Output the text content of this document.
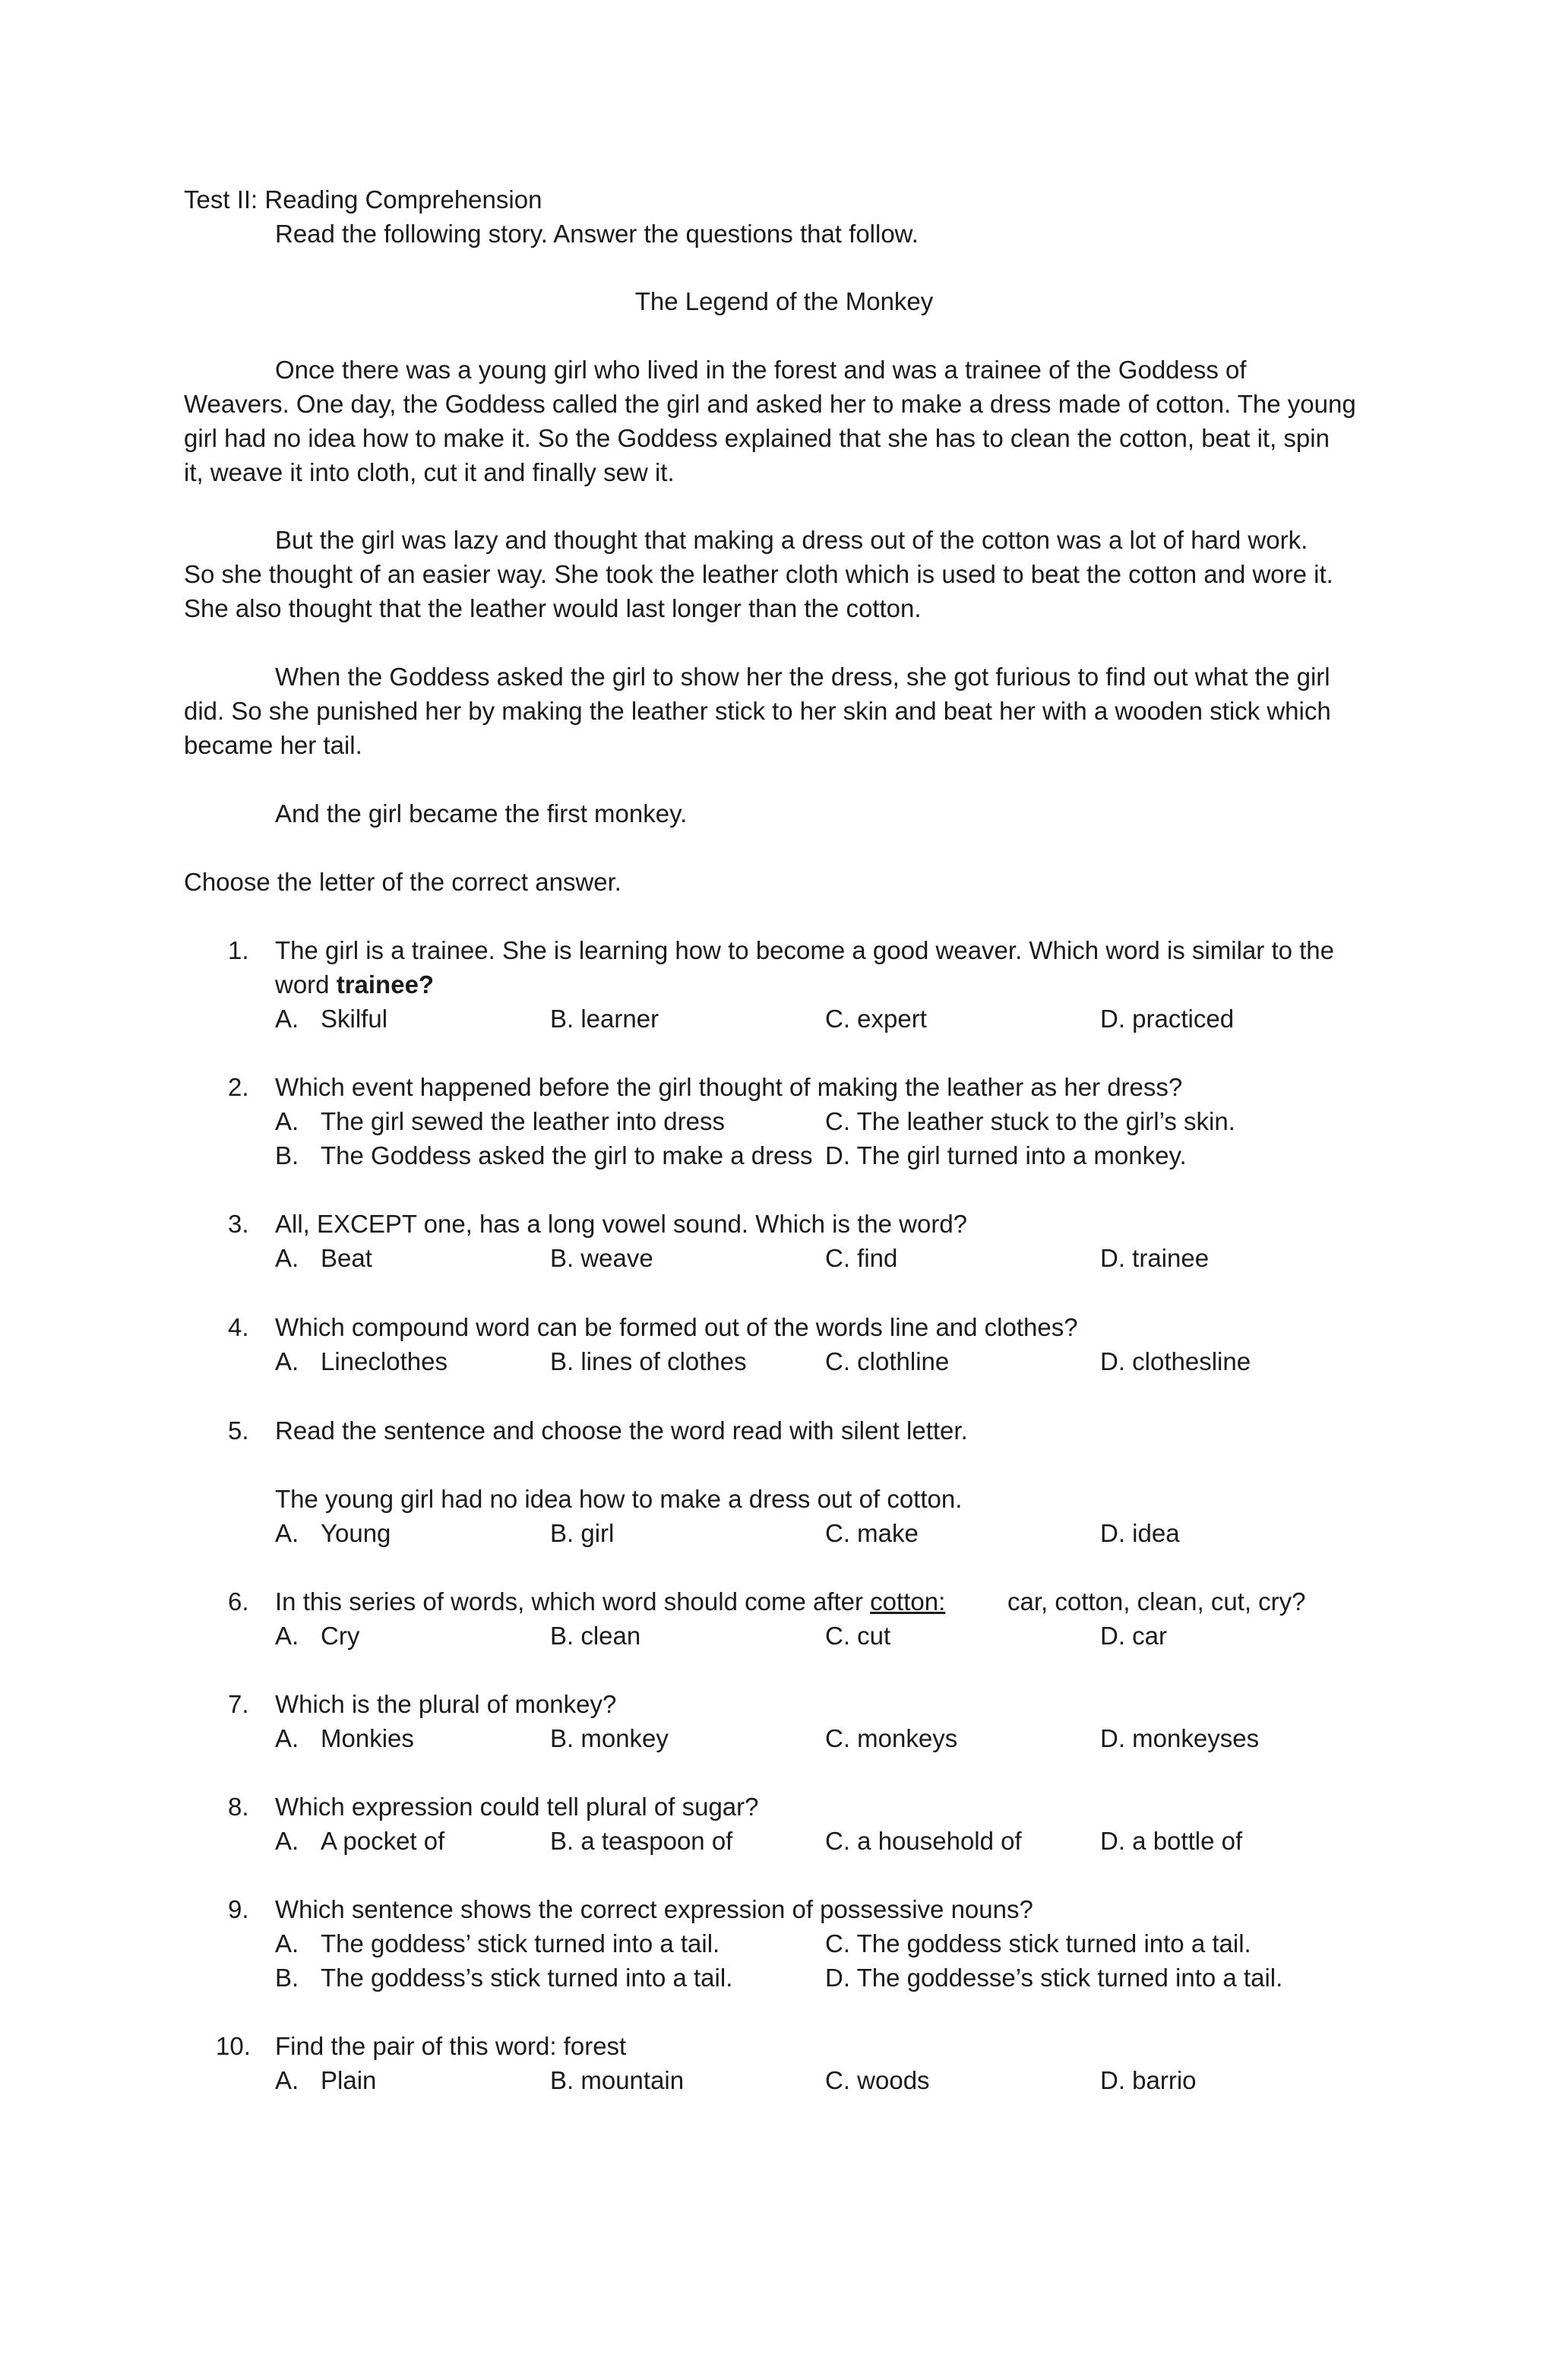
Test II: Reading Comprehension
Read the following story. Answer the questions that follow.
The Legend of the Monkey
Once there was a young girl who lived in the forest and was a trainee of the Goddess of
Weavers. One day, the Goddess called the girl and asked her to make a dress made of cotton. The young
girl had no idea how to make it. So the Goddess explained that she has to clean the cotton, beat it, spin
it, weave it into cloth, cut it and finally sew it.
But the girl was lazy and thought that making a dress out of the cotton was a lot of hard work.
So she thought of an easier way. She took the leather cloth which is used to beat the cotton and wore it.
She also thought that the leather would last longer than the cotton.
When the Goddess asked the girl to show her the dress, she got furious to find out what the girl
did. So she punished her by making the leather stick to her skin and beat her with a wooden stick which
became her tail.
And the girl became the first monkey.
Choose the letter of the correct answer.
1. The girl is a trainee. She is learning how to become a good weaver. Which word is similar to the
word trainee?
A. Skilful	B. learner	C. expert	D. practiced
2. Which event happened before the girl thought of making the leather as her dress?
A. The girl sewed the leather into dress	C. The leather stuck to the girl’s skin.
B. The Goddess asked the girl to make a dress D. The girl turned into a monkey.
3. All, EXCEPT one, has a long vowel sound. Which is the word?
A. Beat	B. weave	C. find	D. trainee
4. Which compound word can be formed out of the words line and clothes?
A. Lineclothes	B. lines of clothes	C. clothline	D. clothesline
5. Read the sentence and choose the word read with silent letter.
The young girl had no idea how to make a dress out of cotton.
A. Young	B. girl	C. make	D. idea
6. In this series of words, which word should come after cotton: car, cotton, clean, cut, cry?
A. Cry	B. clean	C. cut	D. car
7. Which is the plural of monkey?
A. Monkies	B. monkey	C. monkeys	D. monkeyses
8. Which expression could tell plural of sugar?
A. A pocket of	B. a teaspoon of	C. a household of	D. a bottle of
9. Which sentence shows the correct expression of possessive nouns?
A. The goddess’ stick turned into a tail.	C. The goddess stick turned into a tail.
B. The goddess’s stick turned into a tail.	D. The goddesse’s stick turned into a tail.
10. Find the pair of this word: forest
A. Plain	B. mountain	C. woods	D. barrio
